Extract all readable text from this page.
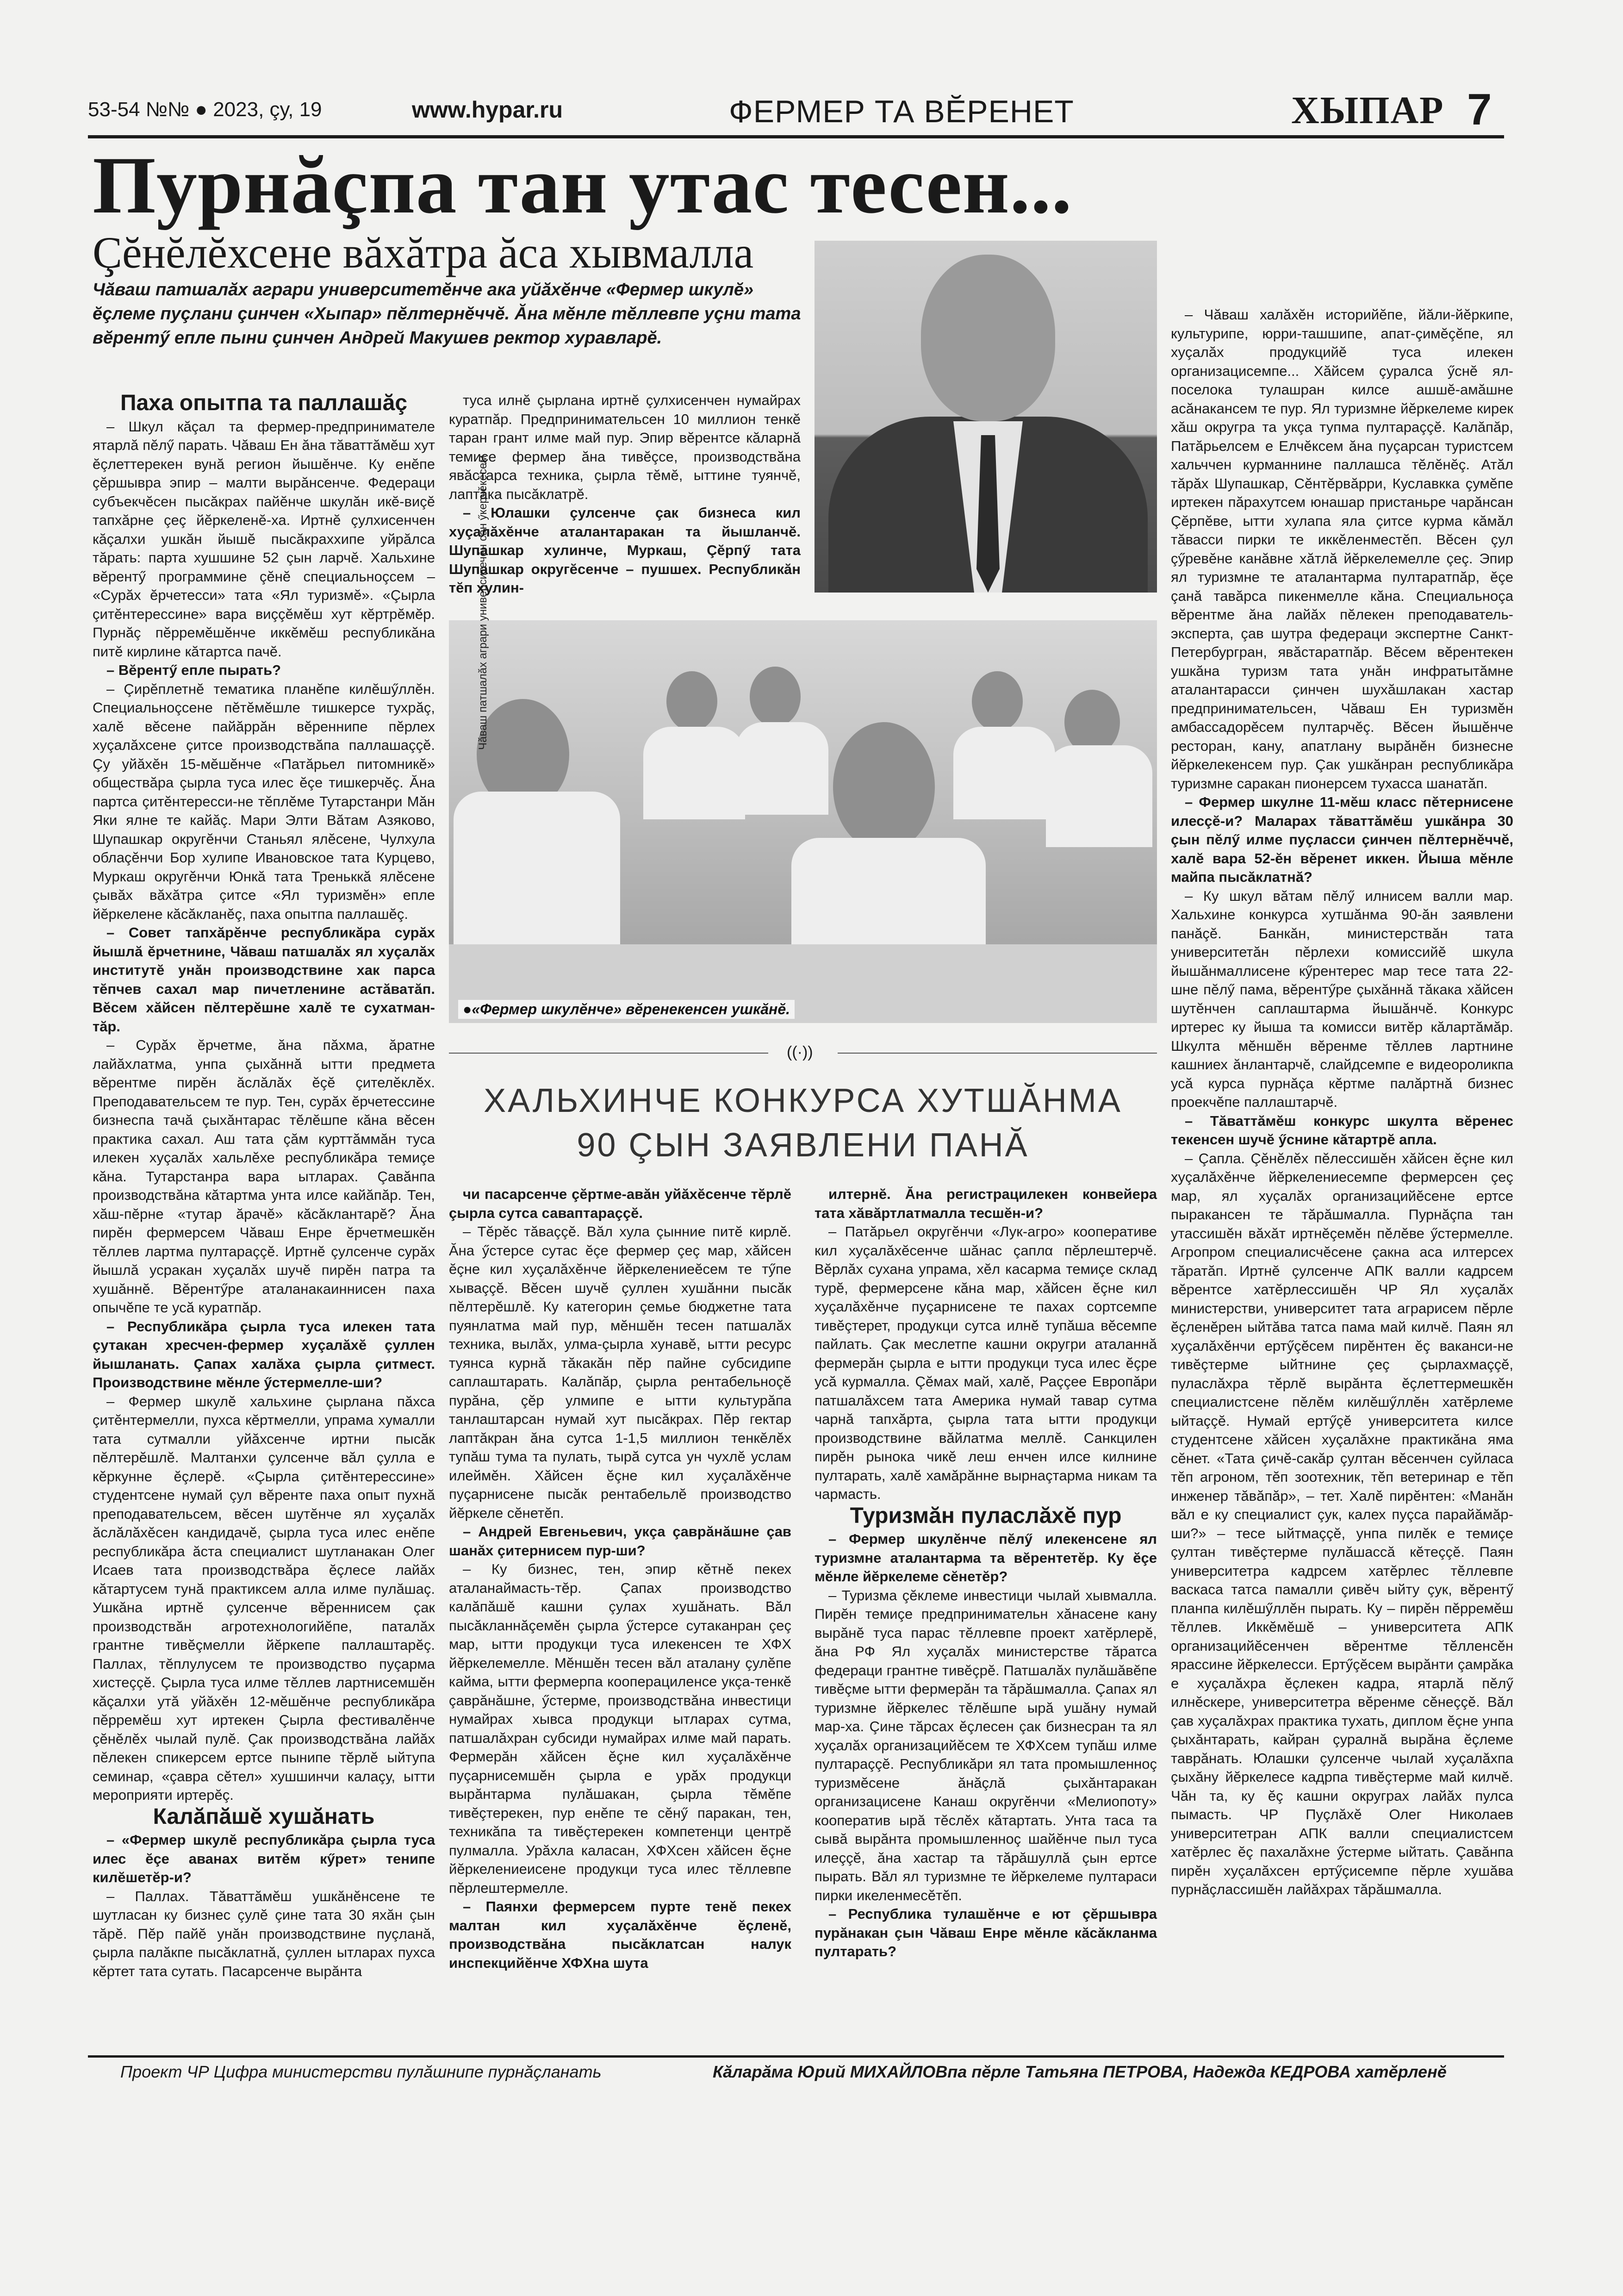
53-54 №№ ● 2023, çу, 19	www.hypar.ru	ФЕРМЕР ТА ВĔРЕНЕТ	ХЫПАР 7
Пурнăçпа тан утас тесен...
Çĕнĕлĕхсене вăхăтра ăса хывмалла
Чăваш патшалăх аграри университетĕнче ака уйăхĕнче «Фермер шкулĕ» ĕçлеме пуçлани çинчен «Хыпар» пĕлтернĕччĕ. Ăна мĕнле тĕллевпе уçни тата вĕрентӳ епле пыни çинчен Андрей Макушев ректор хуравларĕ.
Чăваш патшалăх аграри университечĕн сăн ӳкерчĕкĕсем
●«Фермер шкулĕнче» вĕренекенсен ушкăнĕ.
((·))
ХАЛЬХИНЧЕ КОНКУРСА ХУТШĂНМА
90 ÇЫН ЗАЯВЛЕНИ ПАНĂ
Паха опытпа та паллашăç

– Шкул кăçал та фермер-предпринимателе ятарлă пĕлӳ парать. Чăваш Ен ăна тăваттăмĕш хут ĕçлеттерекен вунă регион йышĕнче. Ку енĕпе çĕршывра эпир – малти вырăнсенче. Федераци субъекчĕсен пысăкрах пайĕнче шкулăн икĕ-виçĕ тапхăрне çеç йĕркеленĕ-ха. Иртнĕ çулхисенчен кăçалхи ушкăн йышĕ пысăкраххипе уйрăлса тăрать: парта хушшине 52 çын ларчĕ. Хальхине вĕрентӳ программине çĕнĕ специальноçсем – «Сурăх ĕрчетесси» тата «Ял туризмĕ». «Çырла çитĕнтерессине» вара виççĕмĕш хут кĕртрĕмĕр. Пурнăç пĕрремĕшĕнче иккĕмĕш республикăна питĕ кирлине кăтартса пачĕ.

– Вĕрентӳ епле пырать?

– Çирĕплетнĕ тематика планĕпе килĕшӳллĕн. Специальноçсене пĕтĕмĕшле тишкерсе тухрăç, халĕ вĕсене пайăррăн вĕреннипе пĕрлех хуçалăхсене çитсе производствăпа паллашаççĕ. Çу уйăхĕн 15-мĕшĕнче «Патăрьел питомникĕ» обществăра çырла туса илес ĕçе тишкерчĕç. Ăна партса çитĕнтересси-не тĕплĕме Тутарстанри Мăн Яки ялне те кайăç. Мари Элти Вăтам Азяково, Шупашкар округĕнчи Станьял ялĕсене, Чулхула облаçĕнчи Бор хулипе Ивановское тата Курцево, Муркаш округĕнчи Юнкă тата Треньккă ялĕсене çывăх вăхăтра çитсе «Ял туризмĕн» епле йĕркелене кăсăкланĕç, паха опытпа паллашĕç.

– Совет тапхăрĕнче республикăра сурăх йышлă ĕрчетнине, Чăваш патшалăх ял хуçалăх институтĕ унăн производствине хак парса тĕпчев сахал мар пичетленине астăватăп. Вĕсем хăйсен пĕлтерĕшне халĕ те сухатман-тăр.

– Сурăх ĕрчетме, ăна пăхма, ăратне лайăхлатма, унпа çыхăннă ытти предмета вĕрентме пирĕн ăслăлăх ĕçĕ çителĕклĕх. Преподавательсем те пур. Тен, сурăх ĕрчетессине бизнеспа тачă çыхăнтарас тĕлĕшпе кăна вĕсен практика сахал. Аш тата çăм курттăммăн туса илекен хуçалăх хальлĕхе республикăра темиçе кăна. Тутарстанра вара ытларах. Çавăнпа производствăна кăтартма унта илсе кайăпăр. Тен, хăш-пĕрне «тутар ăрачĕ» кăсăклантарĕ? Ăна пирĕн фермерсем Чăваш Енре ĕрчетмешкĕн тĕллев лартма пултараççĕ. Иртнĕ çулсенче сурăх йышлă усракан хуçалăх шучĕ пирĕн патра та хушăннĕ. Вĕрентӳре аталанакаиннисен паха опычĕпе те усă куратпăр.

– Республикăра çырла туса илекен тата çутакан хресчен-фермер хуçалăхĕ çуллен йышланать. Çапах халăха çырла çитмест. Производствине мĕнле ӳстермелле-ши?

– Фермер шкулĕ хальхине çырлана пăхса çитĕнтермелли, пухса кĕртмелли, упрама хумалли тата сутмалли уйăхсенче иртни пысăк пĕлтерĕшлĕ. Малтанхи çулсенче вăл çулла е кĕркунне ĕçлерĕ. «Çырла çитĕнтерессине» студентсене нумай çул вĕренте паха опыт пухнă преподавательсем, вĕсен шутĕнче ял хуçалăх ăслăлăхĕсен кандидачĕ, çырла туса илес енĕпе республикăра ăста специалист шутланакан Олег Исаев тата производствăра ĕçлесе лайăх кăтартусем тунă практиксем алла илме пулăшаç. Ушкăна иртнĕ çулсенче вĕреннисем çак производствăн агротехнологийĕпе, паталăх грантне тивĕçмелли йĕркепе паллаштарĕç. Паллах, тĕплулусем те производство пуçарма хистеççĕ. Çырла туса илме тĕллев лартнисемшĕн кăçалхи утă уйăхĕн 12-мĕшĕнче республикăра пĕрремĕш хут иртекен Çырла фестивалĕнче çĕнĕлĕх чылай пулĕ. Çак производствăна лайăх пĕлекен спикерсем ертсе пынипе тĕрлĕ ыйтупа семинар, «çавра сĕтел» хушшинчи калаçу, ытти мероприяти иртерĕç.

Калăпăшĕ хушăнать

– «Фермер шкулĕ республикăра çырла туса илес ĕçе аванах витĕм кӳрет» тенипе килĕшетĕр-и?

– Паллах. Тăваттăмĕш ушкăнĕнсене те шутласан ку бизнес çулĕ çине тата 30 яхăн çын тăрĕ. Пĕр пайĕ унăн производствине пуçланă, çырла палăкпе пысăклатнă, çуллен ытларах пухса кĕртет тата сутать. Пасарсенче вырăнта

туса илнĕ çырлана иртнĕ çулхисенчен нумайрах куратпăр. Предпринимательсен 10 миллион тенкĕ таран грант илме май пур. Эпир вĕрентсе кăларнă темиçе фермер ăна тивĕçсе, производствăна явăстарса техника, çырла тĕмĕ, ыттине туянчĕ, лаптăка пысăклатрĕ.

– Юлашки çулсенче çак бизнеса кил хуçалăхĕнче аталантаракан та йышланчĕ. Шупашкар хулинче, Муркаш, Çĕрпӳ тата Шупашкар округĕсенче – пушшех. Республикăн тĕп хулин-

чи пасарсенче çĕртме-авăн уйăхĕсенче тĕрлĕ çырла сутса саваптараççĕ.

– Тĕрĕс тăваççĕ. Вăл хула çынние питĕ кирлĕ. Ăна ӳстерсе сутас ĕçе фермер çеç мар, хăйсен ĕçне кил хуçалăхĕнче йĕркелениеĕсем те тӳпе хываççĕ. Вĕсен шучĕ çуллен хушăнни пысăк пĕлтерĕшлĕ. Ку категорин çемье бюджетне тата пуянлатма май пур, мĕншĕн тесен патшалăх техника, вылăх, улма-çырла хунавĕ, ытти ресурс туянса курнă тăкакăн пĕр пайне субсидипе саплаштарать. Калăпăр, çырла рентабельноçĕ пурăна, çĕр улмипе е ытти культурăпа танлаштарсан нумай хут пысăкрах. Пĕр гектар лаптăкран ăна сутса 1-1,5 миллион тенкĕлĕх тупăш тума та пулать, тырă сутса ун чухлĕ услам илеймĕн. Хăйсен ĕçне кил хуçалăхĕнче пуçарнисене пысăк рентабельлĕ производство йĕркеле сĕнетĕп.

– Андрей Евгеньевич, укçа çаврăнăшне çав шанăх çитернисем пур-ши?

– Ку бизнес, тен, эпир кĕтнĕ пекех аталанаймасть-тĕр. Çапах производство калăпăшĕ кашни çулах хушăнать. Вăл пысăкланнăçемĕн çырла ӳстерсе сутаканран çеç мар, ытти продукци туса илекенсен те ХФХ йĕркелемелле. Мĕншĕн тесен вăл аталану çулĕпе кайма, ытти фермерпа кооперациленсе укçа-тенкĕ çаврăнăшне, ӳстерме, производствăна инвестици нумайрах хывса продукци ытларах сутма, патшалăхран субсиди нумайрах илме май парать. Фермерăн хăйсен ĕçне кил хуçалăхĕнче пуçарнисемшĕн çырла е урăх продукци вырăнтарма пулăшакан, çырла тĕмĕпе тивĕçтерекен, пур енĕпе те сĕнӳ паракан, тен, техникăпа та тивĕçтерекен компетенци центрĕ пулмалла. Урăхла каласан, ХФХсен хăйсен ĕçне йĕркелениеисене продукци туса илес тĕллевпе пĕрлештермелле.

– Паянхи фермерсем пурте тенĕ пекех малтан кил хуçалăхĕнче ĕçленĕ, производствăна пысăклатсан налук инспекцийĕнче ХФХна шута

илтернĕ. Ăна регистрацилекен конвейера тата хăвăртлатмалла тесшĕн-и?

– Патăрьел округĕнчи «Лук-агро» кооперативе кил хуçалăхĕсенче шăнас çаплα пĕрлештерчĕ. Вĕрлăх сухана упрама, хĕл касарма темиçе склад турĕ, фермерсене кăна мар, хăйсен ĕçне кил хуçалăхĕнче пуçарнисене те пахах сортсемпе тивĕçтерет, продукци сутса илнĕ тупăша вĕсемпе пайлать. Çак меслетпе кашни округри аталаннă фермерăн çырла е ытти продукци туса илес ĕçре усă курмалла. Çĕмах май, халĕ, Раççее Европăри патшалăхсем тата Америка нумай тавар сутма чарнă тапхăрта, çырла тата ытти продукци производствине вăйлатма меллĕ. Санкцилен пирĕн рынока чикĕ леш енчен илсе килнине пултарать, халĕ хамăрăнне вырнаçтарма никам та чармасть.

Туризмăн пуласлăхĕ пур

– Фермер шкулĕнче пĕлӳ илекенсене ял туризмне аталантарма та вĕрентетĕр. Ку ĕçе мĕнле йĕркелеме сĕнетĕр?

– Туризма çĕклеме инвестици чылай хывмалла. Пирĕн темиçе предпринимательн хăнасене кану вырăнĕ туса парас тĕллевпе проект хатĕрлерĕ, ăна РФ Ял хуçалăх министерстве тăратса федераци грантне тивĕçрĕ. Патшалăх пулăшăвĕпе тивĕçме ытти фермерăн та тăрăшмалла. Çапах ял туризмне йĕркелес тĕлĕшпе ырă ушăну нумай мар-ха. Çине тăрсах ĕçлесен çак бизнесран та ял хуçалăх организацийĕсем те ХФХсем тупăш илме пултараççĕ. Республикăри ял тата промышленноç туризмĕсене ăнăçлă çыхăнтаракан организацисене Канаш округĕнчи «Мелиопоту» кооператив ырă тĕслĕх кăтартать. Унта таса та сывă вырăнта промышленноç шайĕнче пыл туса илеççĕ, ăна хастар та тăрăшуллă çын ертсе пырать. Вăл ял туризмне те йĕркелеме пултараси пирки икеленмесĕтĕп.

– Республика тулашĕнче е ют çĕршывра пурăнакан çын Чăваш Енре мĕнле кăсăкланма пултарать?

– Чăваш халăхĕн историйĕпе, йăли-йĕркипе, культурипе, юрри-ташшипе, апат-çимĕçĕпе, ял хуçалăх продукцийĕ туса илекен организацисемпе... Хăйсем çуралса ӳснĕ ял-поселока тулашран килсе ашшĕ-амăшне асăнакансем те пур. Ял туризмне йĕркелеме кирек хăш округра та укçа тупма пултараççĕ. Калăпăр, Патăрьелсем е Елчĕксем ăна пуçарсан туристсем хальччен курманнине паллашса тĕлĕнĕç. Атăл тăрăх Шупашкар, Сĕнтĕрвăрри, Куславкка çумĕпе иртекен пăрахутсем юнашар пристаньре чарăнсан Çĕрпĕве, ытти хулапа яла çитсе курма кăмăл тăвасси пирки те иккĕленместĕп. Вĕсен çул çӳревĕне канăвне хăтлă йĕркелемелле çеç. Эпир ял туризмне те аталантарма пултаратпăр, ĕçе çанă тавăрса пикенмелле кăна. Специальноçа вĕрентме ăна лайăх пĕлекен преподаватель-эксперта, çав шутра федераци экспертне Санкт-Петербургран, явăстаратпăр. Вĕсем вĕрентекен ушкăна туризм тата унăн инфратытăмне аталантарасси çинчен шухăшлакан хастар предпринимательсен, Чăваш Ен туризмĕн амбассадорĕсем пултарчĕç. Вĕсен йышĕнче ресторан, кану, апатлану вырăнĕн бизнесне йĕркелекенсем пур. Çак ушкăнран республикăра туризмне саракан пионерсем тухасса шанатăп.

– Фермер шкулне 11-мĕш класс пĕтернисене илесçĕ-и? Маларах тăваттăмĕш ушкăнра 30 çын пĕлӳ илме пуçласси çинчен пĕлтернĕччĕ, халĕ вара 52-ĕн вĕренет иккен. Йыша мĕнле майпа пысăклатнă?

– Ку шкул вăтам пĕлӳ илнисем валли мар. Хальхине конкурса хутшăнма 90-ăн заявлени панăçĕ. Банкăн, министерствăн тата университетăн пĕрлехи комиссийĕ шкула йышăнмаллисене кӳрентерес мар тесе тата 22-шне пĕлӳ пама, вĕрентӳре çыхăннă тăкака хăйсен шутĕнчен саплаштарма йышăнчĕ. Конкурс иртерес ку йыша та комисси витĕр кăлартăмăр. Шкулта мĕншĕн вĕренме тĕллев лартнине кашниех ăнлантарчĕ, слайдсемпе е видеороликпа усă курса пурнăçа кĕртме палăртнă бизнес проекчĕпе паллаштарчĕ.

– Тăваттăмĕш конкурс шкулта вĕренес текенсен шучĕ ӳснине кăтартрĕ апла.

– Çапла. Çĕнĕлĕх пĕлессишĕн хăйсен ĕçне кил хуçалăхĕнче йĕркелениесемпе фермерсен çеç мар, ял хуçалăх организацийĕсене ертсе пыракансен те тăрăшмалла. Пурнăçпа тан утассишĕн вăхăт иртнĕçемĕн пĕлĕве ӳстермелле. Агропром специалисчĕсене çакна аса илтерсех тăратăп. Иртнĕ çулсенче АПК валли кадрсем вĕрентсе хатĕрлессишĕн ЧР Ял хуçалăх министерстви, университет тата аграрисем пĕрле ĕçленĕрен ыйтăва татса пама май килчĕ. Паян ял хуçалăхĕнчи ертӳçĕсем пирĕнтен ĕç ваканси-не тивĕçтерме ыйтнине çеç çырлахмаççĕ, пуласлăхра тĕрлĕ вырăнта ĕçлеттермешкĕн специалистсене пĕлĕм килĕшӳллĕн хатĕрлеме ыйтаççĕ. Нумай ертӳçĕ университета килсе студентсене хăйсен хуçалăхне практикăна яма сĕнет. «Тата çичĕ-сакăр çултан вĕсенчен суйласа тĕп агроном, тĕп зоотехник, тĕп ветеринар е тĕп инженер тăвăпăр», – тет. Халĕ пирĕнтен: «Манăн вăл е ку специалист çук, калех пуçса парайăмăр-ши?» – тесе ыйтмаççĕ, унпа пилĕк е темиçе çултан тивĕçтерме пулăшассă кĕтеççĕ. Паян университетра кадрсем хатĕрлес тĕллевпе васкаса татса памалли çивĕч ыйту çук, вĕрентӳ планпа килĕшӳллĕн пырать. Ку – пирĕн пĕрремĕш тĕллев. Иккĕмĕшĕ – университета АПК организацийĕсенчен вĕрентме тĕлленсĕн ярассине йĕркелесси. Ертӳçĕсем вырăнти çамрăка е хуçалăхра ĕçлекен кадра, ятарлă пĕлӳ илнĕскере, университетра вĕренме сĕнеççĕ. Вăл çав хуçалăхрах практика тухать, диплом ĕçне унпа çыхăнтарать, кайран çуралнă вырăна ĕçлеме таврăнать. Юлашки çулсенче чылай хуçалăхпа çыхăну йĕркелесе кадрпа тивĕçтерме май килчĕ. Чăн та, ку ĕç кашни округрах лайăх пулса пымасть. ЧР Пуçлăхĕ Олег Николаев университетран АПК валли специалистсем хатĕрлес ĕç пахалăхне ӳстерме ыйтать. Çавăнпа пирĕн хуçалăхсен ертӳçисемпе пĕрле хушăва пурнăçлассишĕн лайăхрах тăрăшмалла.

Проект ЧР Цифра министерстви пулăшнипе пурнăçланать	Кăларăма Юрий МИХАЙЛОВпа пĕрле Татьяна ПЕТРОВА, Надежда КЕДРОВА хатĕрленĕ
